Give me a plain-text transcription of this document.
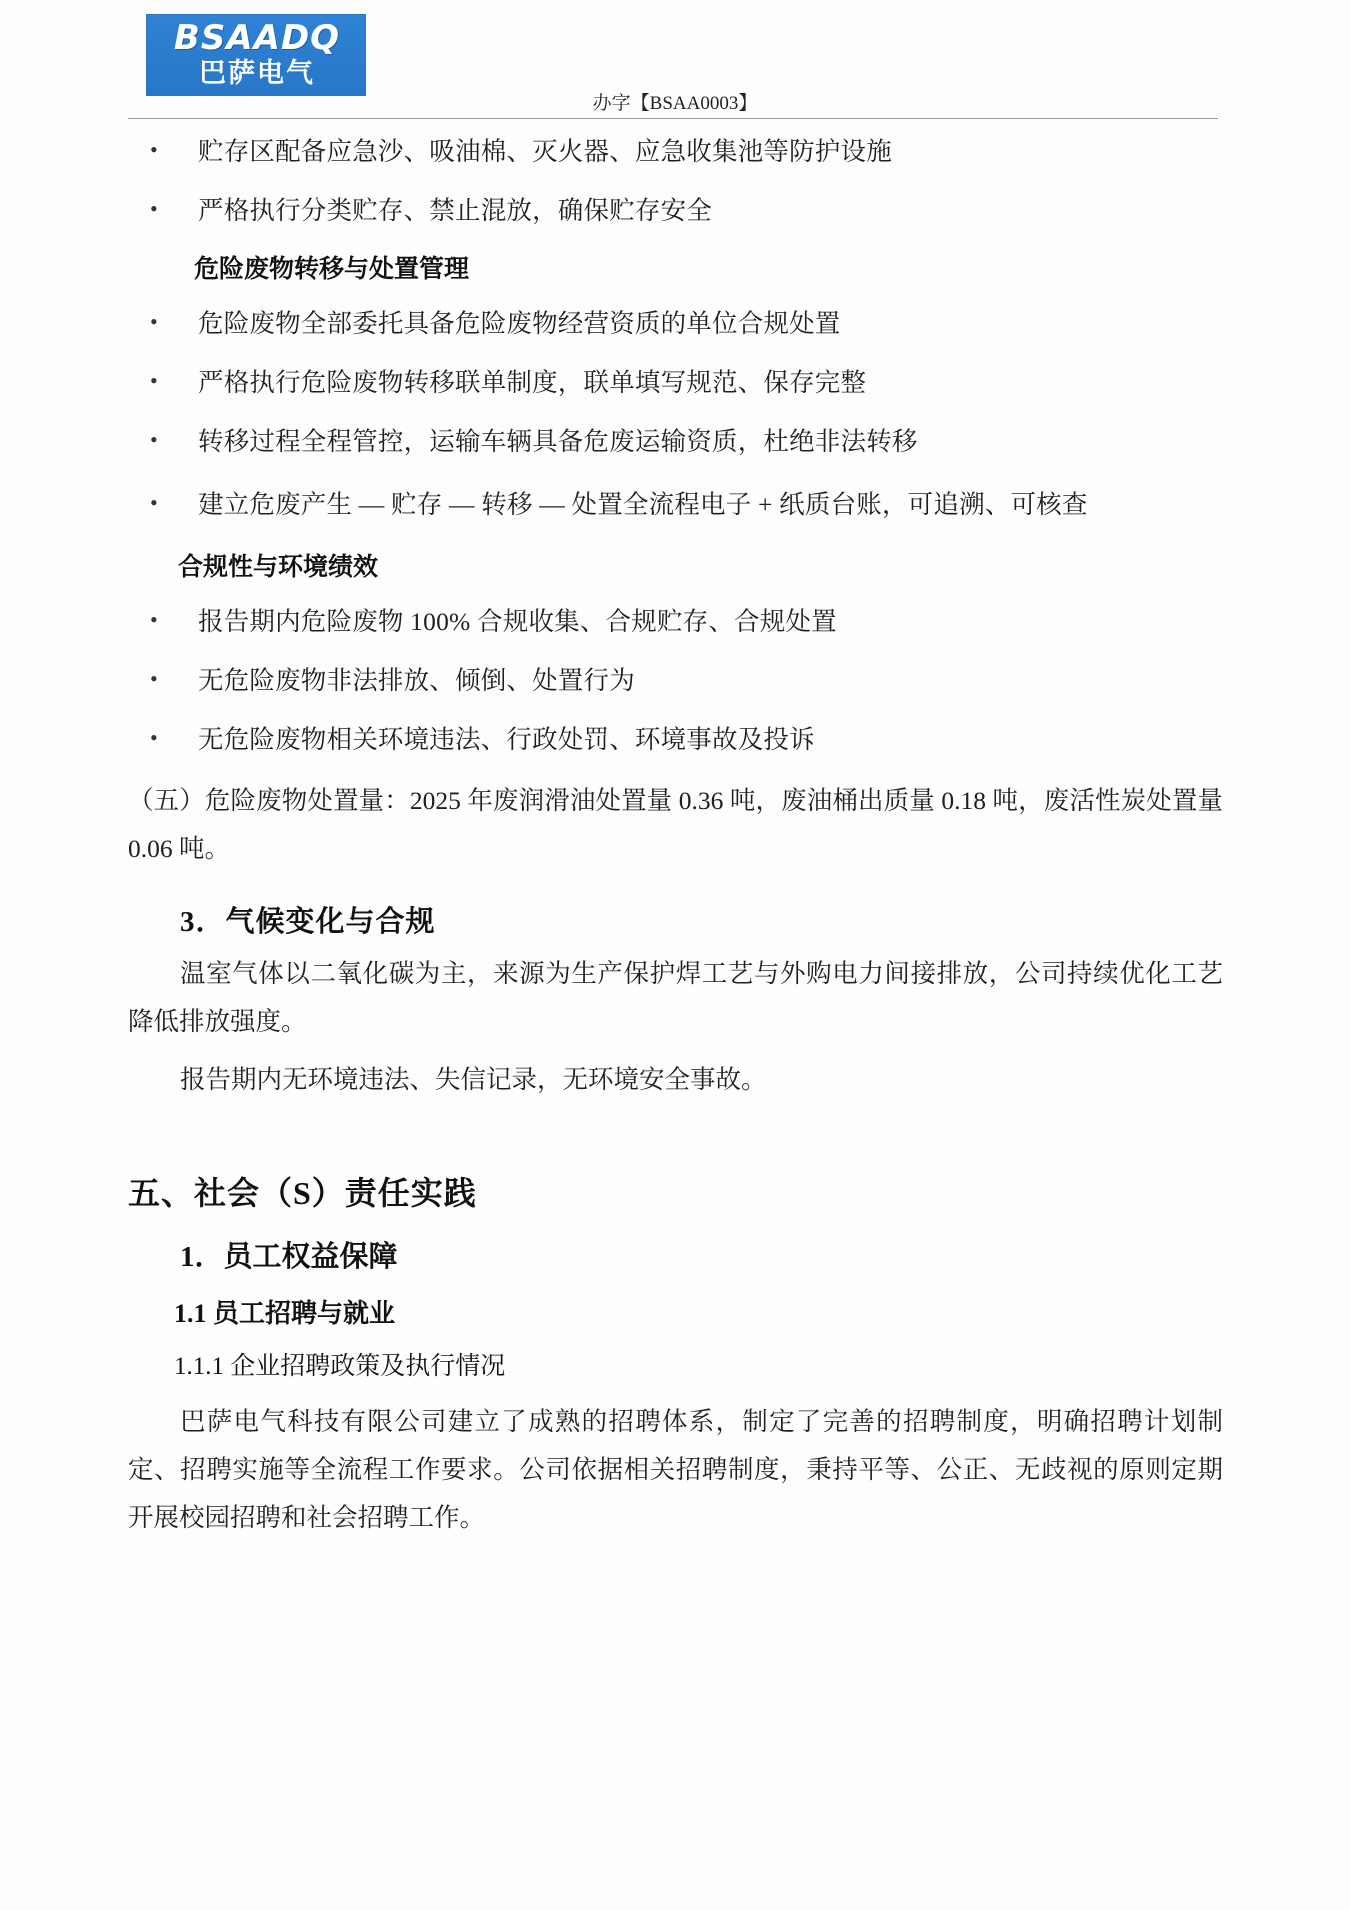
BSAADQ
巴萨电气
办字【BSAA0003】
• 贮存区配备应急沙、吸油棉、灭火器、应急收集池等防护设施
• 严格执行分类贮存、禁止混放，确保贮存安全
危险废物转移与处置管理
• 危险废物全部委托具备危险废物经营资质的单位合规处置
• 严格执行危险废物转移联单制度，联单填写规范、保存完整
• 转移过程全程管控，运输车辆具备危废运输资质，杜绝非法转移
• 建立危废产生 — 贮存 — 转移 — 处置全流程电子 + 纸质台账，可追溯、可核查
合规性与环境绩效
• 报告期内危险废物 100% 合规收集、合规贮存、合规处置
• 无危险废物非法排放、倾倒、处置行为
• 无危险废物相关环境违法、行政处罚、环境事故及投诉
（五）危险废物处置量：2025 年废润滑油处置量 0.36 吨，废油桶出质量 0.18 吨，废活性炭处置量 0.06 吨。
3．气候变化与合规
温室气体以二氧化碳为主，来源为生产保护焊工艺与外购电力间接排放，公司持续优化工艺降低排放强度。
报告期内无环境违法、失信记录，无环境安全事故。
五、社会（S）责任实践
1．员工权益保障
1.1 员工招聘与就业
1.1.1 企业招聘政策及执行情况
巴萨电气科技有限公司建立了成熟的招聘体系，制定了完善的招聘制度，明确招聘计划制定、招聘实施等全流程工作要求。公司依据相关招聘制度，秉持平等、公正、无歧视的原则定期开展校园招聘和社会招聘工作。
